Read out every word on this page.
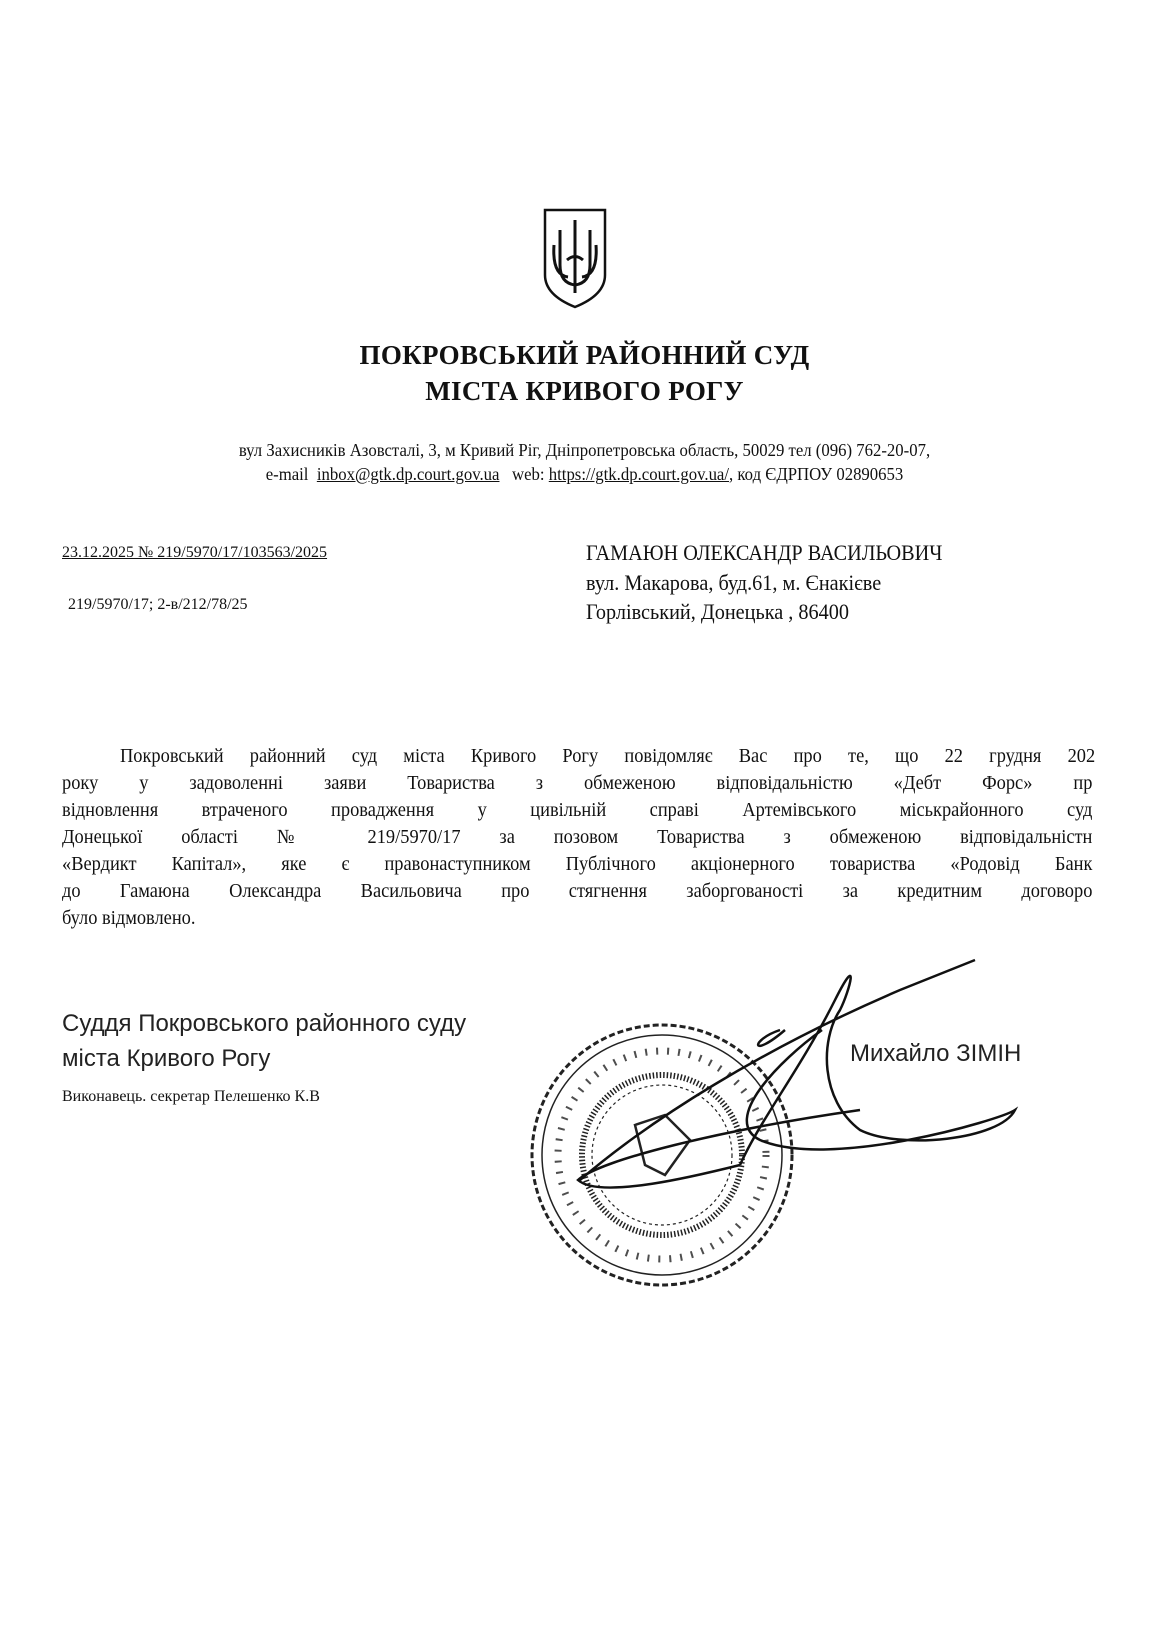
ПОКРОВСЬКИЙ РАЙОННИЙ СУД
МІСТА КРИВОГО РОГУ
вул Захисників Азовсталі, 3, м Кривий Ріг, Дніпропетровська область, 50029 тел (096) 762-20-07,
e-mail inbox@gtk.dp.court.gov.ua web: https://gtk.dp.court.gov.ua/, код ЄДРПОУ 02890653
23.12.2025 № 219/5970/17/103563/2025
219/5970/17; 2-в/212/78/25
ГАМАЮН ОЛЕКСАНДР ВАСИЛЬОВИЧ
вул. Макарова, буд.61, м. Єнакієве
Горлівський, Донецька , 86400
Покровський районний суд міста Кривого Рогу повідомляє Вас про те, що 22 грудня 202
року у задоволенні заяви Товариства з обмеженою відповідальністю «Дебт Форс» пр
відновлення втраченого провадження у цивільній справі Артемівського міськрайонного суд
Донецької області № 219/5970/17 за позовом Товариства з обмеженою відповідальністн
«Вердикт Капітал», яке є правонаступником Публічного акціонерного товариства «Родовід Банк
до Гамаюна Олександра Васильовича про стягнення заборгованості за кредитним договоро
було відмовлено.
Суддя Покровського районного суду
міста Кривого Рогу
Виконавець. секретар Пелешенко К.В
Михайло ЗІМІН
